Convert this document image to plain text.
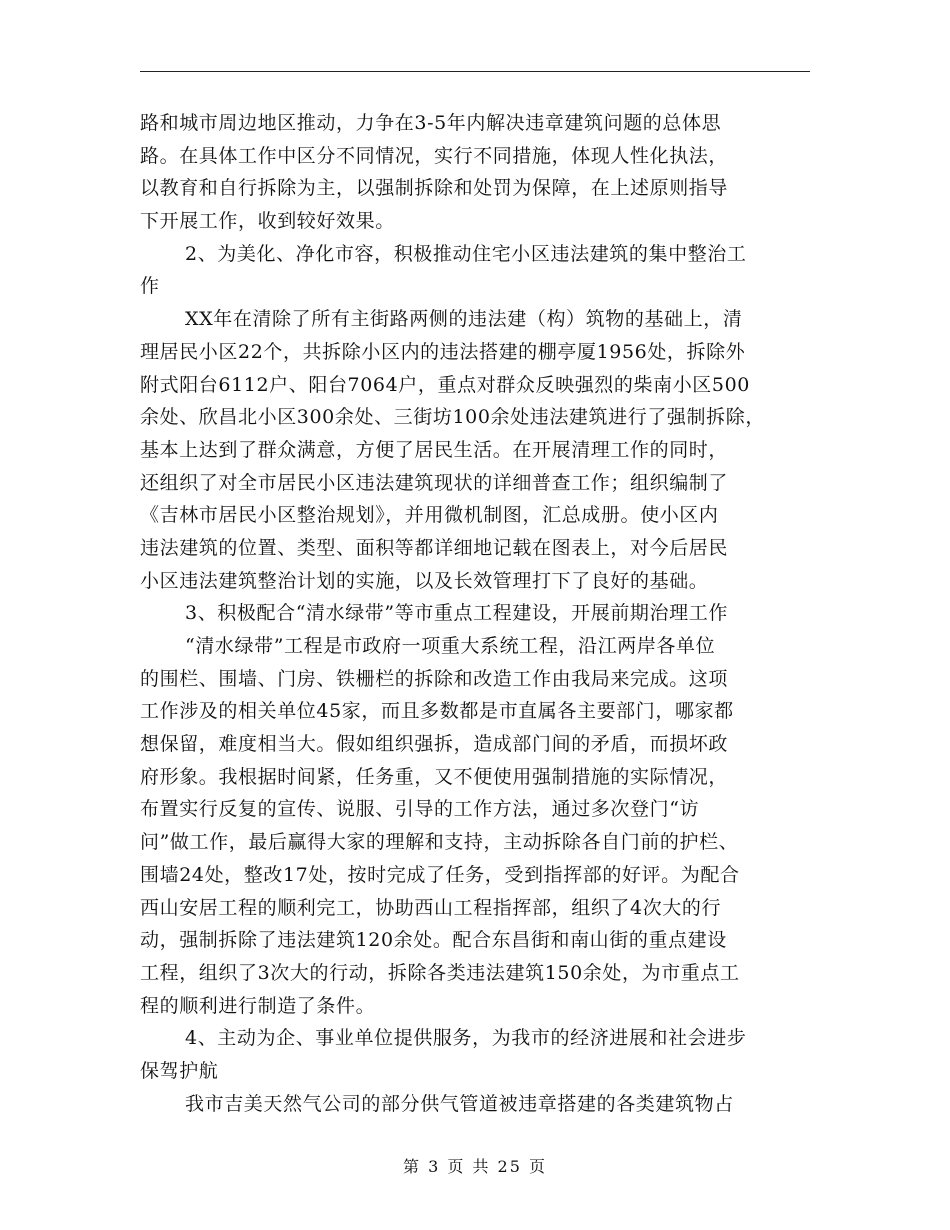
路和城市周边地区推动，力争在3-5年内解决违章建筑问题的总体思
路。在具体工作中区分不同情况，实行不同措施，体现人性化执法，
以教育和自行拆除为主，以强制拆除和处罚为保障，在上述原则指导
下开展工作，收到较好效果。
2、为美化、净化市容，积极推动住宅小区违法建筑的集中整治工
作
XX年在清除了所有主街路两侧的违法建（构）筑物的基础上，清
理居民小区22个，共拆除小区内的违法搭建的棚亭厦1956处，拆除外
附式阳台6112户、阳台7064户，重点对群众反映强烈的柴南小区500
余处、欣昌北小区300余处、三街坊100余处违法建筑进行了强制拆除，
基本上达到了群众满意，方便了居民生活。在开展清理工作的同时，
还组织了对全市居民小区违法建筑现状的详细普查工作；组织编制了
《吉林市居民小区整治规划》，并用微机制图，汇总成册。使小区内
违法建筑的位置、类型、面积等都详细地记载在图表上，对今后居民
小区违法建筑整治计划的实施，以及长效管理打下了良好的基础。
3、积极配合“清水绿带”等市重点工程建设，开展前期治理工作
“清水绿带”工程是市政府一项重大系统工程，沿江两岸各单位
的围栏、围墙、门房、铁栅栏的拆除和改造工作由我局来完成。这项
工作涉及的相关单位45家，而且多数都是市直属各主要部门，哪家都
想保留，难度相当大。假如组织强拆，造成部门间的矛盾，而损坏政
府形象。我根据时间紧，任务重，又不便使用强制措施的实际情况，
布置实行反复的宣传、说服、引导的工作方法，通过多次登门“访
问”做工作，最后赢得大家的理解和支持，主动拆除各自门前的护栏、
围墙24处，整改17处，按时完成了任务，受到指挥部的好评。为配合
西山安居工程的顺利完工，协助西山工程指挥部，组织了4次大的行
动，强制拆除了违法建筑120余处。配合东昌街和南山街的重点建设
工程，组织了3次大的行动，拆除各类违法建筑150余处，为市重点工
程的顺利进行制造了条件。
4、主动为企、事业单位提供服务，为我市的经济进展和社会进步
保驾护航
我市吉美天然气公司的部分供气管道被违章搭建的各类建筑物占
第 3 页 共 25 页
